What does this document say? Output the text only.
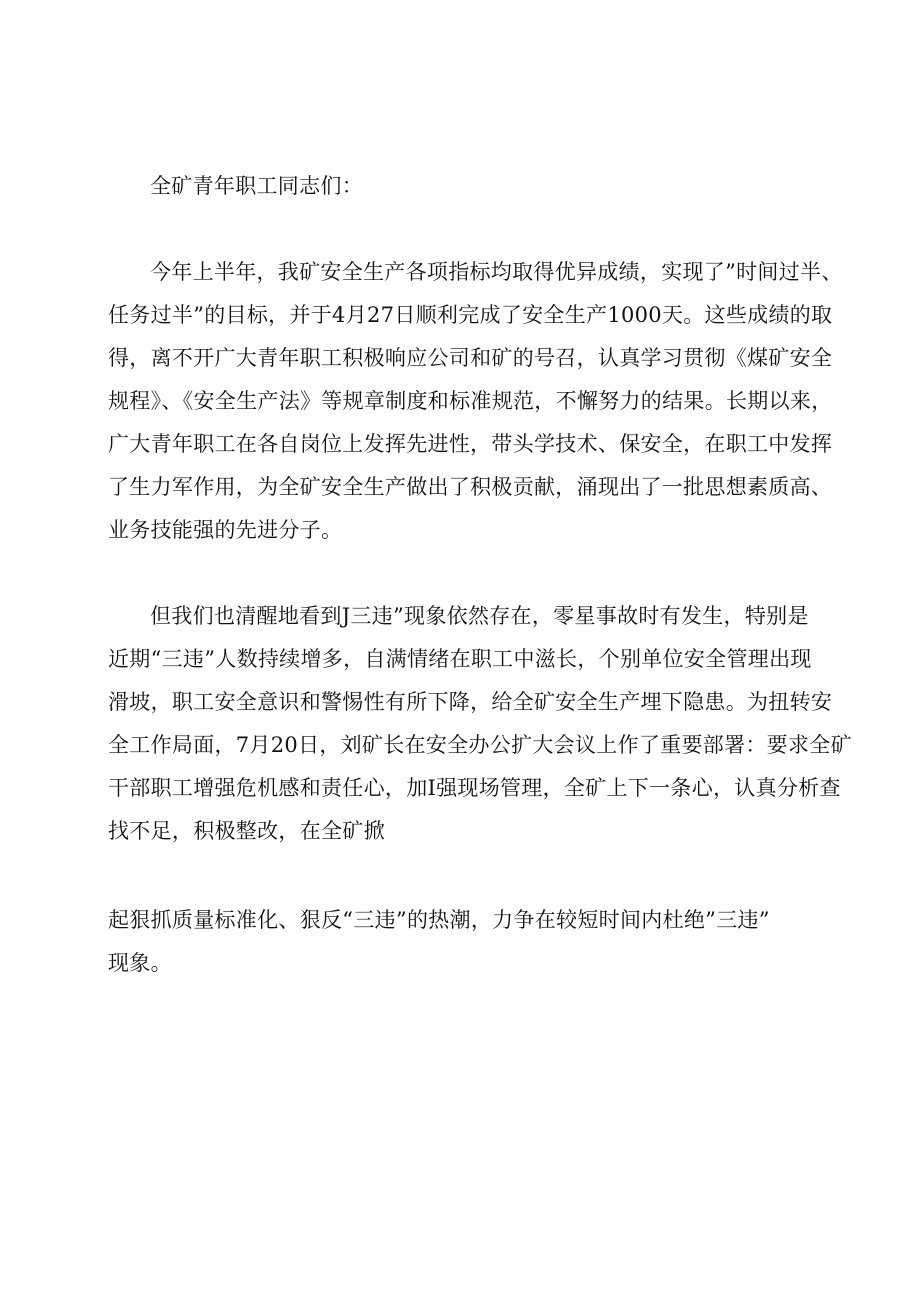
全矿青年职工同志们：
今年上半年，我矿安全生产各项指标均取得优异成绩，实现了”时间过半、
任务过半”的目标，并于4月27日顺利完成了安全生产1000天。这些成绩的取
得，离不开广大青年职工积极响应公司和矿的号召，认真学习贯彻《煤矿安全
规程》、《安全生产法》等规章制度和标准规范，不懈努力的结果。长期以来，
广大青年职工在各自岗位上发挥先进性，带头学技术、保安全，在职工中发挥
了生力军作用，为全矿安全生产做出了积极贡献，涌现出了一批思想素质高、
业务技能强的先进分子。
但我们也清醒地看到J三违”现象依然存在，零星事故时有发生，特别是
近期“三违”人数持续增多，自满情绪在职工中滋长，个别单位安全管理出现
滑坡，职工安全意识和警惕性有所下降，给全矿安全生产埋下隐患。为扭转安
全工作局面，7月20日，刘矿长在安全办公扩大会议上作了重要部署：要求全矿
干部职工增强危机感和责任心，加I强现场管理，全矿上下一条心，认真分析查
找不足，积极整改，在全矿掀
起狠抓质量标准化、狠反“三违”的热潮，力争在较短时间内杜绝”三违”
现象。
